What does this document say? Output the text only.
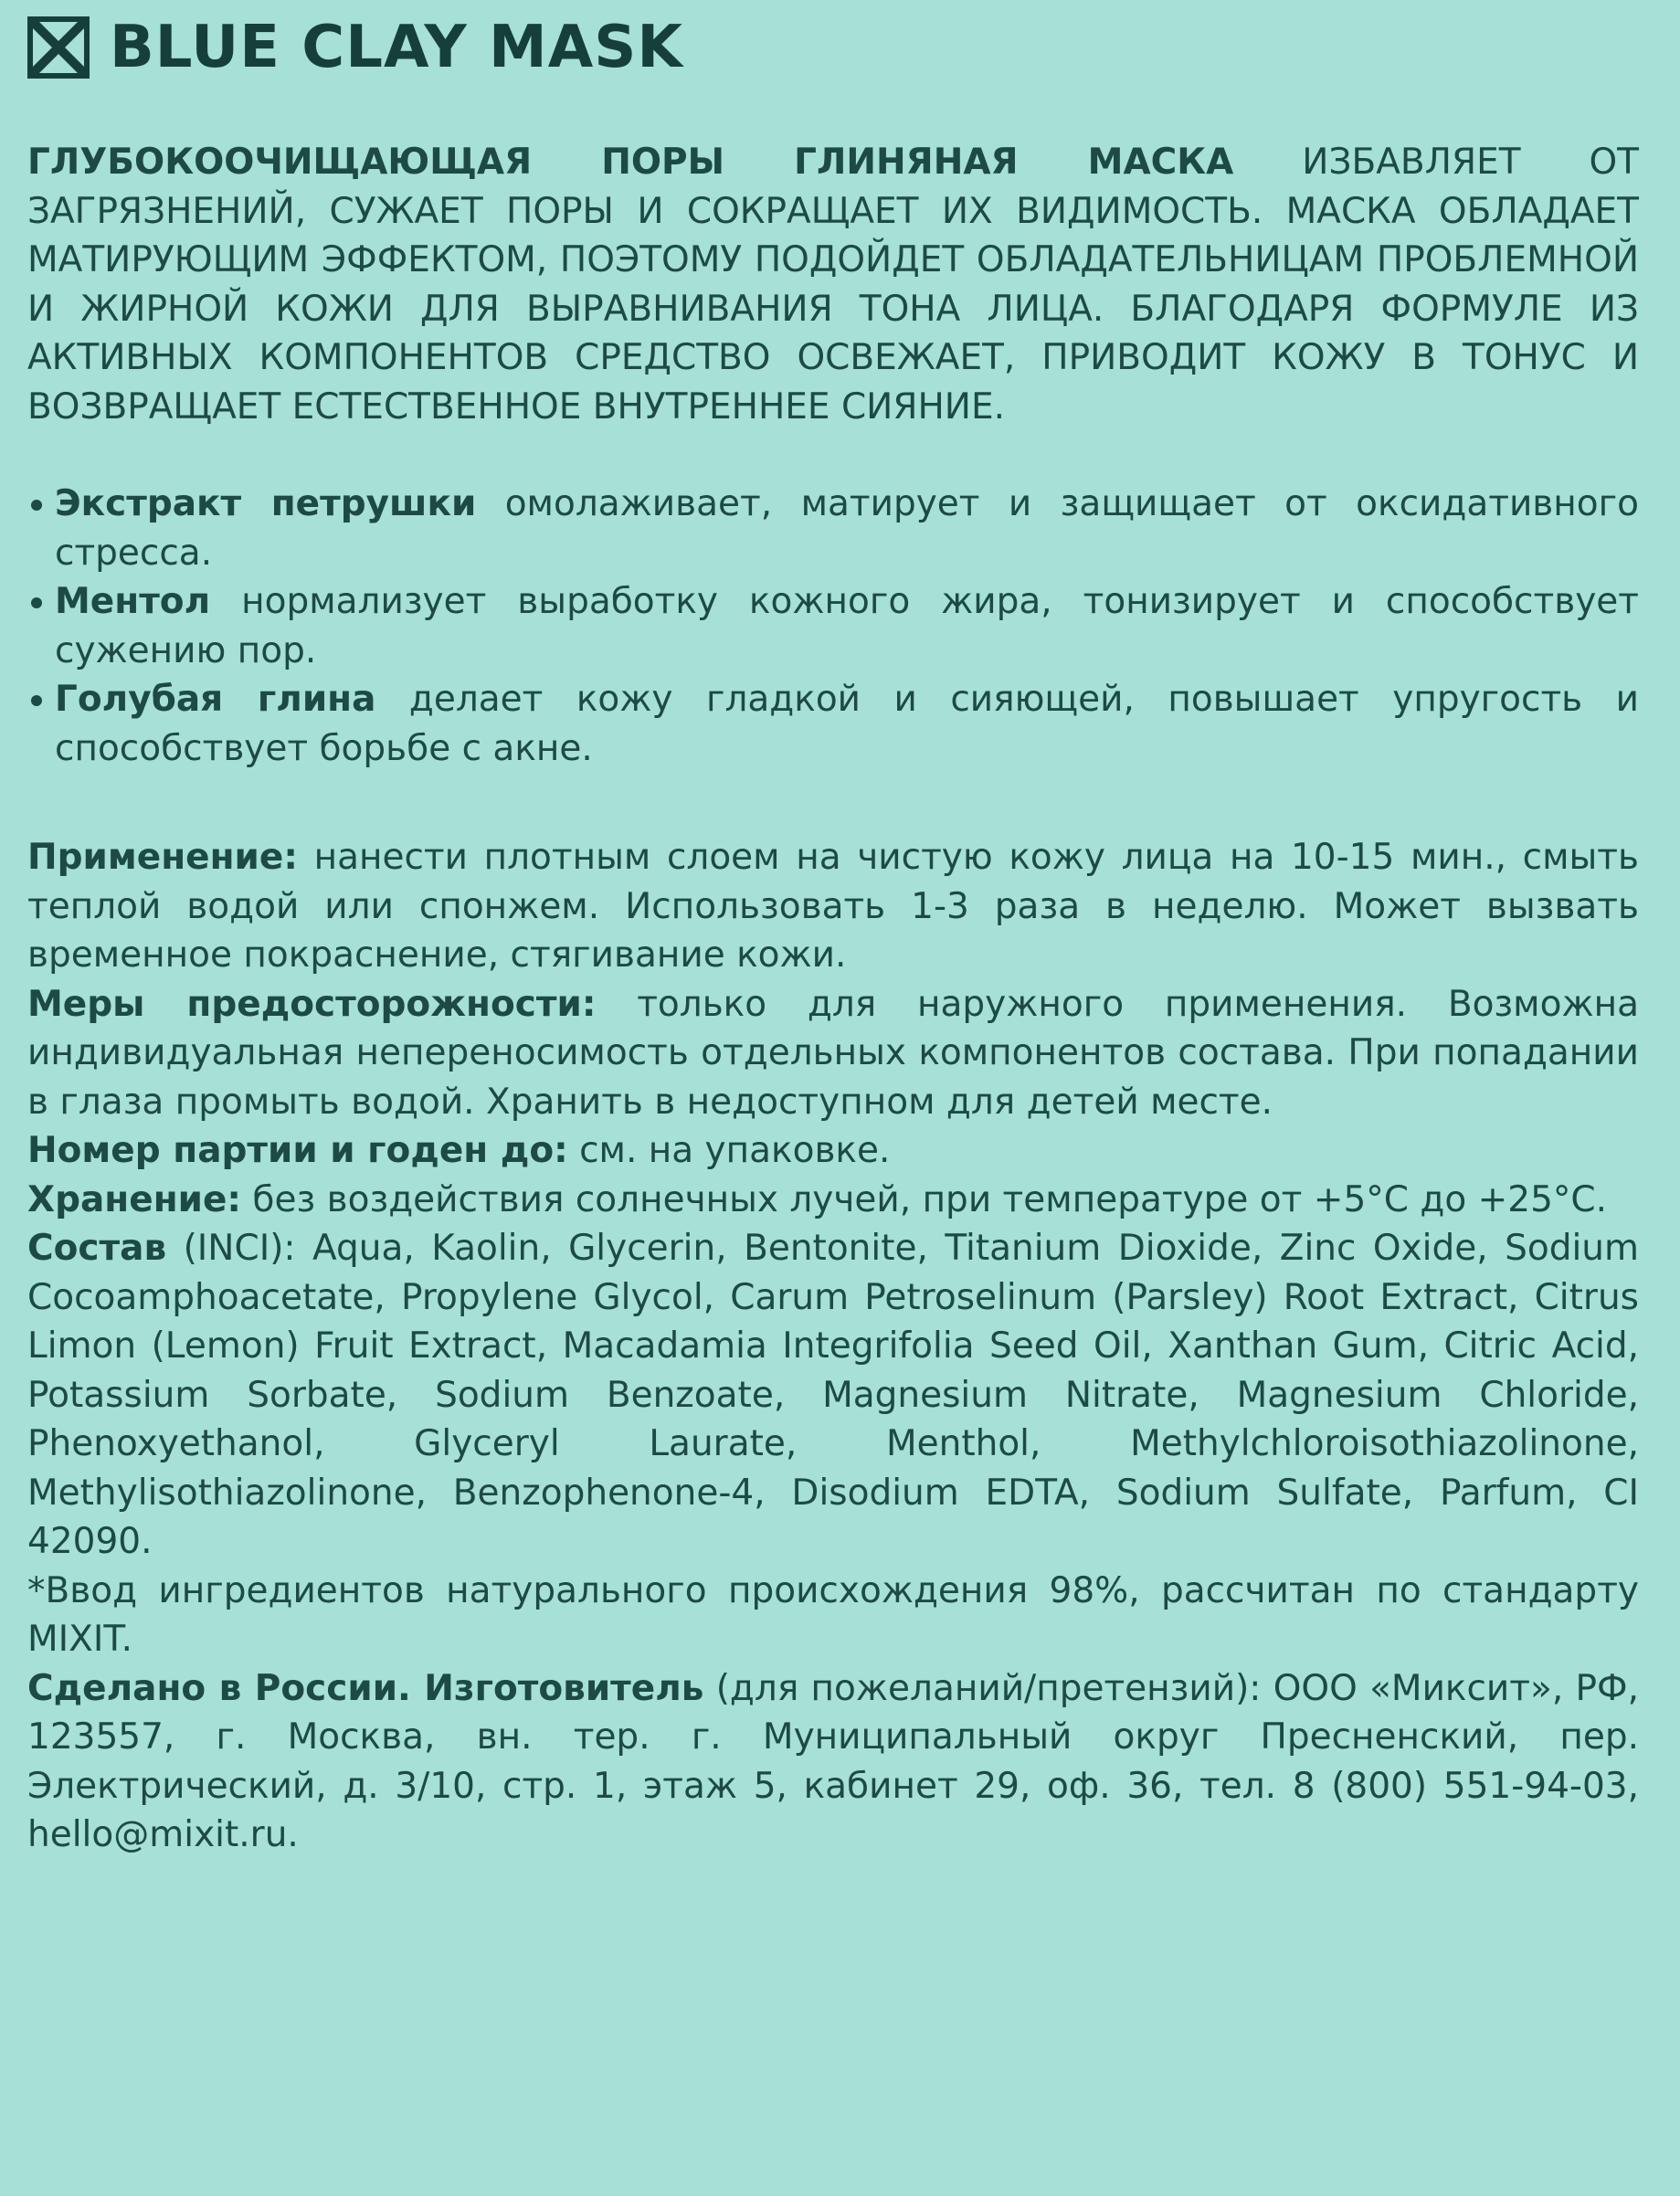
BLUE CLAY MASK

ГЛУБОКООЧИЩАЮЩАЯ ПОРЫ ГЛИНЯНАЯ МАСКА ИЗБАВЛЯЕТ ОТ ЗАГРЯЗНЕНИЙ, СУЖАЕТ ПОРЫ И СОКРАЩАЕТ ИХ ВИДИМОСТЬ. МАСКА ОБЛАДАЕТ МАТИРУЮЩИМ ЭФФЕКТОМ, ПОЭТОМУ ПОДОЙДЕТ ОБЛАДАТЕЛЬНИЦАМ ПРОБЛЕМНОЙ И ЖИРНОЙ КОЖИ ДЛЯ ВЫРАВНИВАНИЯ ТОНА ЛИЦА. БЛАГОДАРЯ ФОРМУЛЕ ИЗ АКТИВНЫХ КОМПОНЕНТОВ СРЕДСТВО ОСВЕЖАЕТ, ПРИВОДИТ КОЖУ В ТОНУС И ВОЗВРАЩАЕТ ЕСТЕСТВЕННОЕ ВНУТРЕННЕЕ СИЯНИЕ.

Экстракт петрушки омолаживает, матирует и защищает от оксидативного стресса.
Ментол нормализует выработку кожного жира, тонизирует и способствует сужению пор.
Голубая глина делает кожу гладкой и сияющей, повышает упругость и способствует борьбе с акне.

Применение: нанести плотным слоем на чистую кожу лица на 10-15 мин., смыть теплой водой или спонжем. Использовать 1-3 раза в неделю. Может вызвать временное покраснение, стягивание кожи.

Меры предосторожности: только для наружного применения. Возможна индивидуальная непереносимость отдельных компонентов состава. При попадании в глаза промыть водой. Хранить в недоступном для детей месте.

Номер партии и годен до: см. на упаковке.

Хранение: без воздействия солнечных лучей, при температуре от +5°С до +25°С.

Состав (INCI): Aqua, Kaolin, Glycerin, Bentonite, Titanium Dioxide, Zinc Oxide, Sodium Cocoamphoacetate, Propylene Glycol, Carum Petroselinum (Parsley) Root Extract, Citrus Limon (Lemon) Fruit Extract, Macadamia Integrifolia Seed Oil, Xanthan Gum, Citric Acid, Potassium Sorbate, Sodium Benzoate, Magnesium Nitrate, Magnesium Chloride, Phenoxyethanol, Glyceryl Laurate, Menthol, Methylchloroisothiazolinone, Methylisothiazolinone, Benzophenone-4, Disodium EDTA, Sodium Sulfate, Parfum, CI 42090.

*Ввод ингредиентов натурального происхождения 98%, рассчитан по стандарту MIXIT.

Сделано в России. Изготовитель (для пожеланий/претензий): ООО «Миксит», РФ, 123557, г. Москва, вн. тер. г. Муниципальный округ Пресненский, пер. Электрический, д. 3/10, стр. 1, этаж 5, кабинет 29, оф. 36, тел. 8 (800) 551-94-03, hello@mixit.ru.
